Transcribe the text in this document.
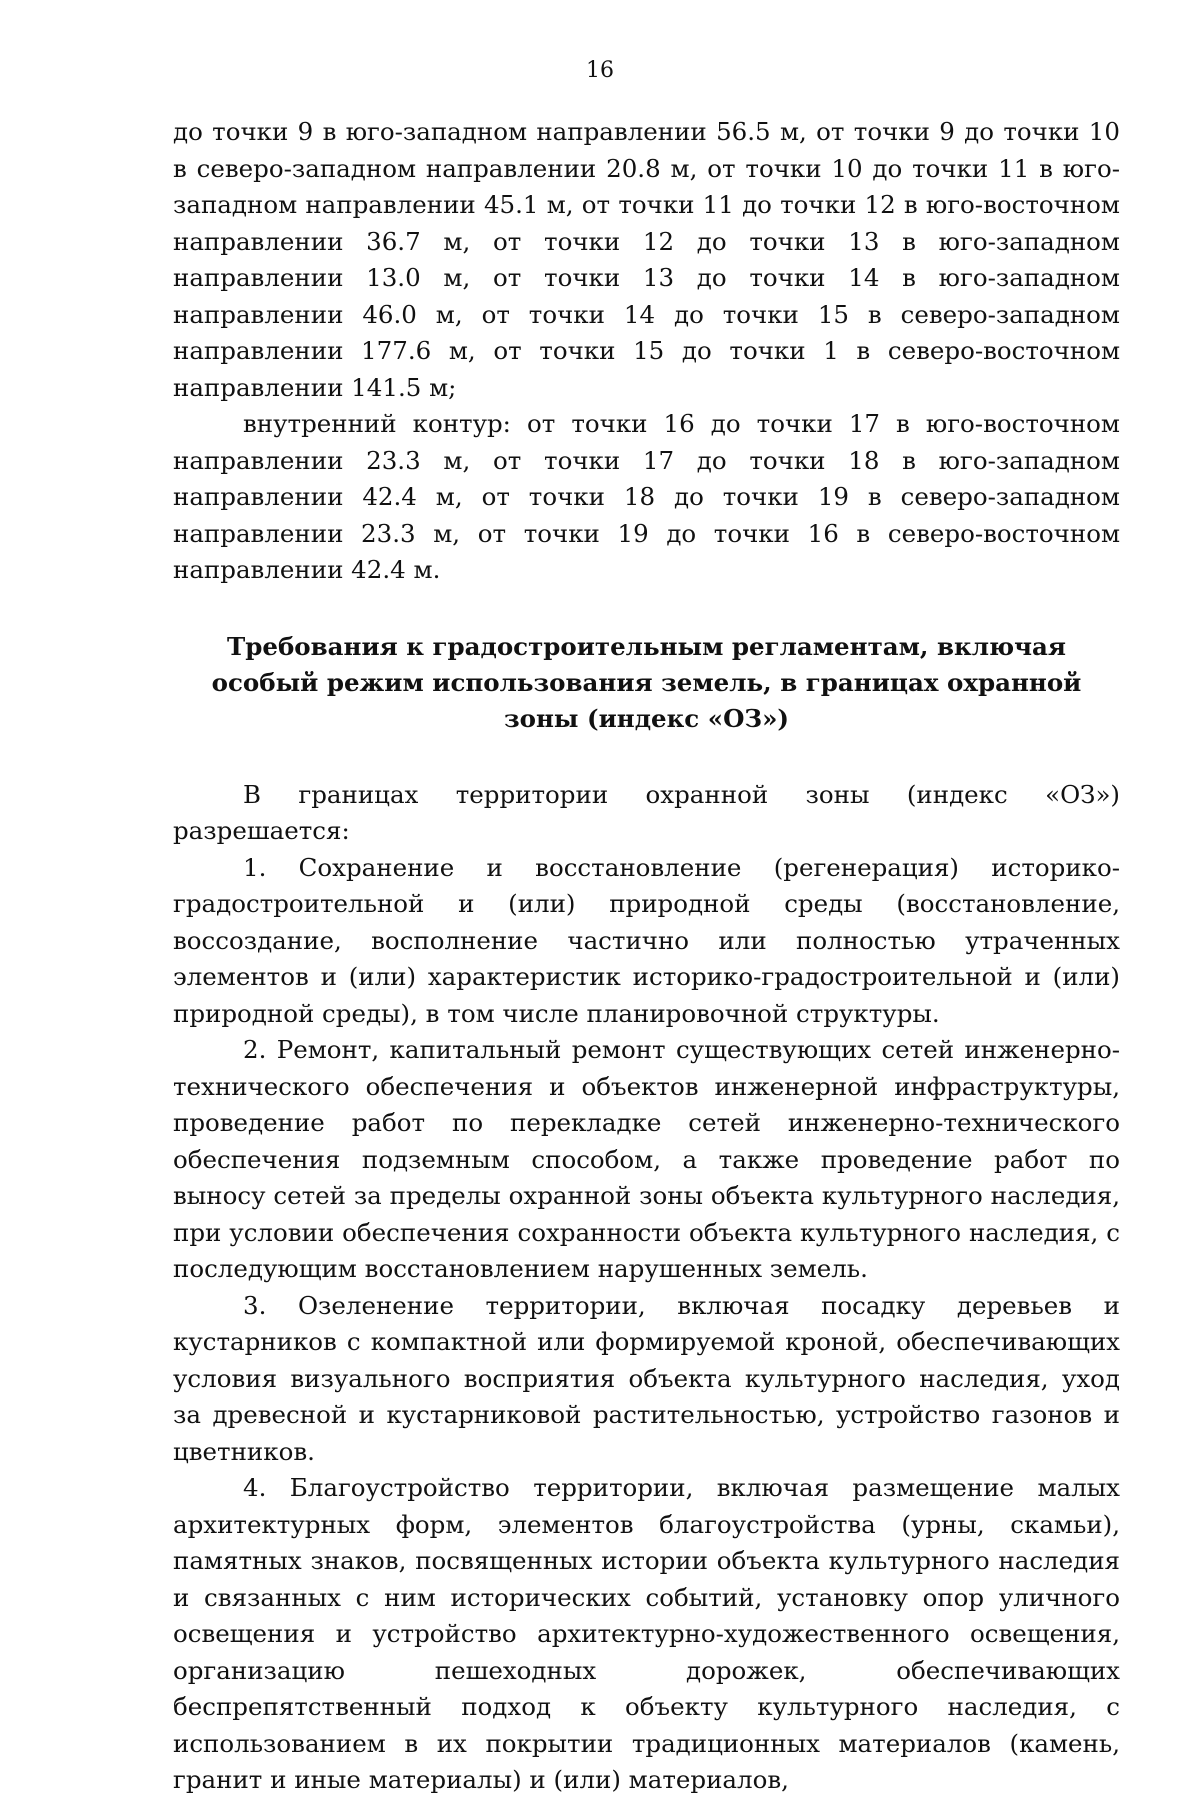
16

до точки 9 в юго-западном направлении 56.5 м, от точки 9 до точки 10 в северо-западном направлении 20.8 м, от точки 10 до точки 11 в юго-западном направлении 45.1 м, от точки 11 до точки 12 в юго-восточном направлении 36.7 м, от точки 12 до точки 13 в юго-западном направлении 13.0 м, от точки 13 до точки 14 в юго-западном направлении 46.0 м, от точки 14 до точки 15 в северо-западном направлении 177.6 м, от точки 15 до точки 1 в северо-восточном направлении 141.5 м;

внутренний контур: от точки 16 до точки 17 в юго-восточном направлении 23.3 м, от точки 17 до точки 18 в юго-западном направлении 42.4 м, от точки 18 до точки 19 в северо-западном направлении 23.3 м, от точки 19 до точки 16 в северо-восточном направлении 42.4 м.

Требования к градостроительным регламентам, включая особый режим использования земель, в границах охранной зоны (индекс «ОЗ»)

В границах территории охранной зоны (индекс «ОЗ») разрешается:

1. Сохранение и восстановление (регенерация) историко-градостроительной и (или) природной среды (восстановление, воссоздание, восполнение частично или полностью утраченных элементов и (или) характеристик историко-градостроительной и (или) природной среды), в том числе планировочной структуры.

2. Ремонт, капитальный ремонт существующих сетей инженерно-технического обеспечения и объектов инженерной инфраструктуры, проведение работ по перекладке сетей инженерно-технического обеспечения подземным способом, а также проведение работ по выносу сетей за пределы охранной зоны объекта культурного наследия, при условии обеспечения сохранности объекта культурного наследия, с последующим восстановлением нарушенных земель.

3. Озеленение территории, включая посадку деревьев и кустарников с компактной или формируемой кроной, обеспечивающих условия визуального восприятия объекта культурного наследия, уход за древесной и кустарниковой растительностью, устройство газонов и цветников.

4. Благоустройство территории, включая размещение малых архитектурных форм, элементов благоустройства (урны, скамьи), памятных знаков, посвященных истории объекта культурного наследия и связанных с ним исторических событий, установку опор уличного освещения и устройство архитектурно-художественного освещения, организацию пешеходных дорожек, обеспечивающих беспрепятственный подход к объекту культурного наследия, с использованием в их покрытии традиционных материалов (камень, гранит и иные материалы) и (или) материалов,
